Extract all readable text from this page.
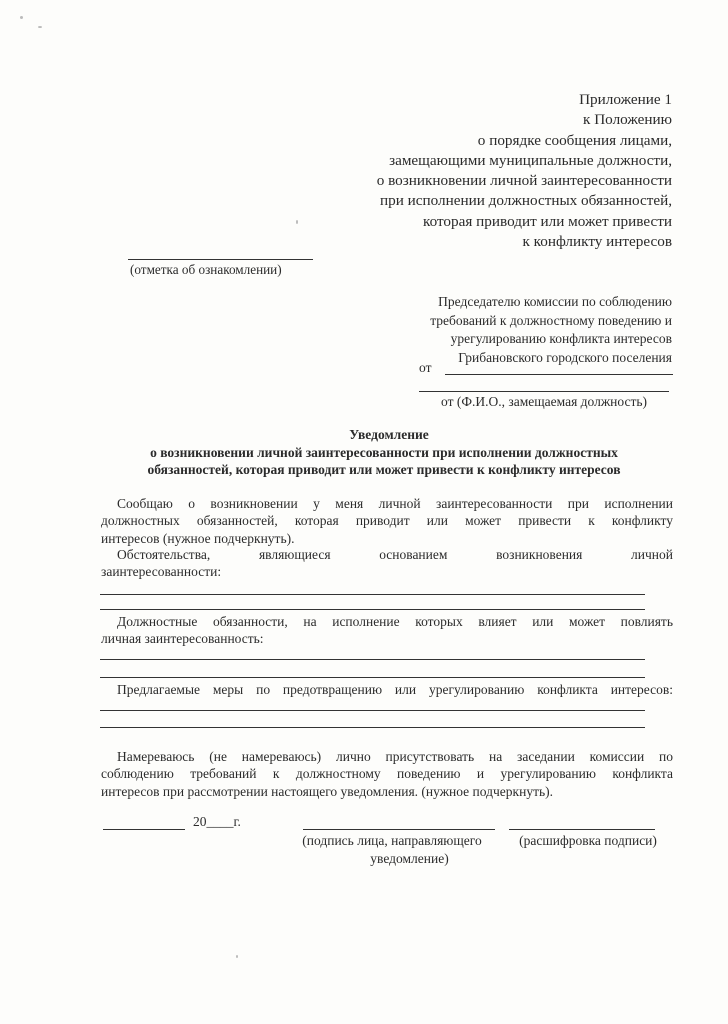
Приложение 1
к Положению
о порядке сообщения лицами,
замещающими муниципальные должности,
о возникновении личной заинтересованности
при исполнении должностных обязанностей,
которая приводит или может привести
к конфликту интересов
(отметка об ознакомлении)
Председателю комиссии по соблюдению
требований к должностному поведению и
урегулированию конфликта интересов
Грибановского городского поселения
от
от (Ф.И.О., замещаемая должность)
Уведомление
о возникновении личной заинтересованности при исполнении должностных
обязанностей, которая приводит или может привести к конфликту интересов
Сообщаю о возникновении у меня личной заинтересованности при исполнении
должностных обязанностей, которая приводит или может привести к конфликту
интересов (нужное подчеркнуть).
Обстоятельства, являющиеся основанием возникновения личной
заинтересованности:
Должностные обязанности, на исполнение которых влияет или может повлиять
личная заинтересованность:
Предлагаемые меры по предотвращению или урегулированию конфликта интересов:
Намереваюсь (не намереваюсь) лично присутствовать на заседании комиссии по
соблюдению требований к должностному поведению и урегулированию конфликта
интересов при рассмотрении настоящего уведомления. (нужное подчеркнуть).
20____г.
(подпись лица, направляющего
уведомление)
(расшифровка подписи)
